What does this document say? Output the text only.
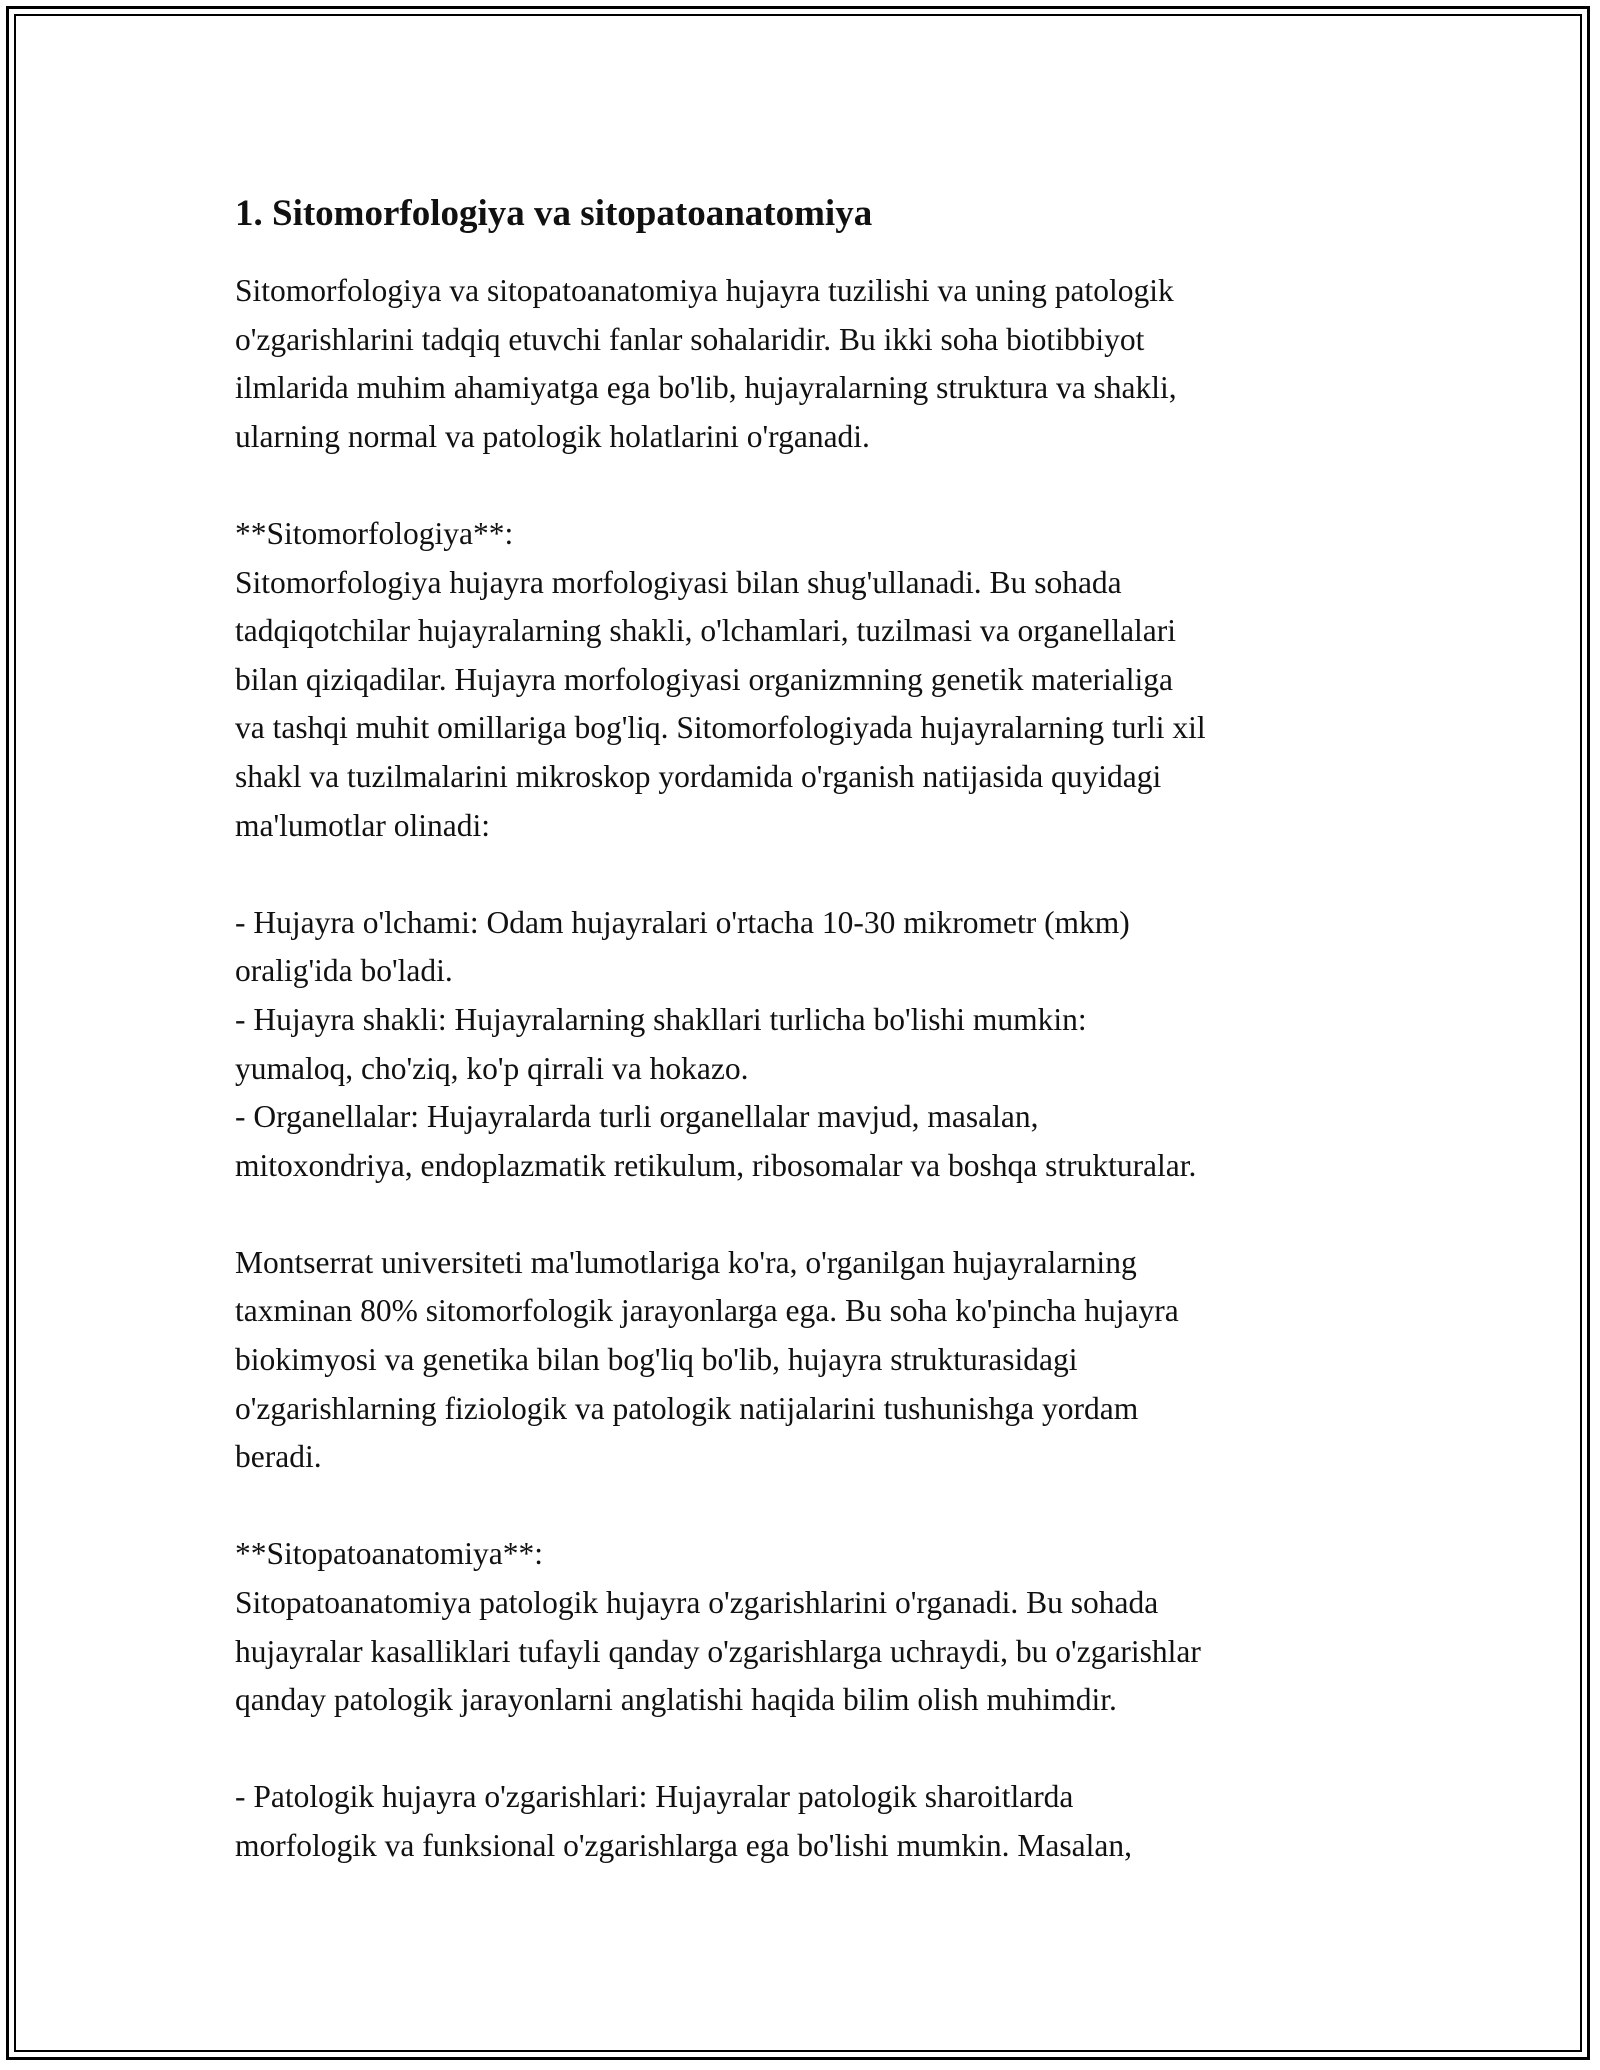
1. Sitomorfologiya va sitopatoanatomiya
Sitomorfologiya va sitopatoanatomiya hujayra tuzilishi va uning patologik
o'zgarishlarini tadqiq etuvchi fanlar sohalaridir. Bu ikki soha biotibbiyot
ilmlarida muhim ahamiyatga ega bo'lib, hujayralarning struktura va shakli,
ularning normal va patologik holatlarini o'rganadi.
**Sitomorfologiya**:
Sitomorfologiya hujayra morfologiyasi bilan shug'ullanadi. Bu sohada
tadqiqotchilar hujayralarning shakli, o'lchamlari, tuzilmasi va organellalari
bilan qiziqadilar. Hujayra morfologiyasi organizmning genetik materialiga
va tashqi muhit omillariga bog'liq. Sitomorfologiyada hujayralarning turli xil
shakl va tuzilmalarini mikroskop yordamida o'rganish natijasida quyidagi
ma'lumotlar olinadi:
- Hujayra o'lchami: Odam hujayralari o'rtacha 10-30 mikrometr (mkm)
oralig'ida bo'ladi.
- Hujayra shakli: Hujayralarning shakllari turlicha bo'lishi mumkin:
yumaloq, cho'ziq, ko'p qirrali va hokazo.
- Organellalar: Hujayralarda turli organellalar mavjud, masalan,
mitoxondriya, endoplazmatik retikulum, ribosomalar va boshqa strukturalar.
Montserrat universiteti ma'lumotlariga ko'ra, o'rganilgan hujayralarning
taxminan 80% sitomorfologik jarayonlarga ega. Bu soha ko'pincha hujayra
biokimyosi va genetika bilan bog'liq bo'lib, hujayra strukturasidagi
o'zgarishlarning fiziologik va patologik natijalarini tushunishga yordam
beradi.
**Sitopatoanatomiya**:
Sitopatoanatomiya patologik hujayra o'zgarishlarini o'rganadi. Bu sohada
hujayralar kasalliklari tufayli qanday o'zgarishlarga uchraydi, bu o'zgarishlar
qanday patologik jarayonlarni anglatishi haqida bilim olish muhimdir.
- Patologik hujayra o'zgarishlari: Hujayralar patologik sharoitlarda
morfologik va funksional o'zgarishlarga ega bo'lishi mumkin. Masalan,
